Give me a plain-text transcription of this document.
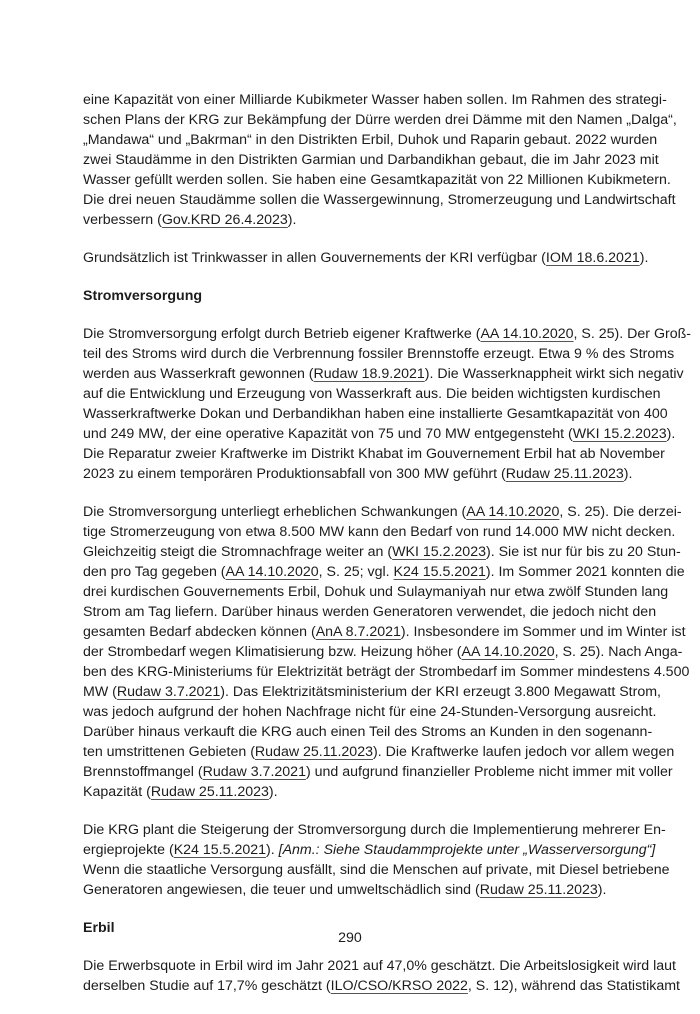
eine Kapazität von einer Milliarde Kubikmeter Wasser haben sollen. Im Rahmen des strategi-
schen Plans der KRG zur Bekämpfung der Dürre werden drei Dämme mit den Namen „Dalga“,
„Mandawa“ und „Bakrman“ in den Distrikten Erbil, Duhok und Raparin gebaut. 2022 wurden
zwei Staudämme in den Distrikten Garmian und Darbandikhan gebaut, die im Jahr 2023 mit
Wasser gefüllt werden sollen. Sie haben eine Gesamtkapazität von 22 Millionen Kubikmetern.
Die drei neuen Staudämme sollen die Wassergewinnung, Stromerzeugung und Landwirtschaft
verbessern (Gov.KRD 26.4.2023).
Grundsätzlich ist Trinkwasser in allen Gouvernements der KRI verfügbar (IOM 18.6.2021).
Stromversorgung
Die Stromversorgung erfolgt durch Betrieb eigener Kraftwerke (AA 14.10.2020, S. 25). Der Groß-
teil des Stroms wird durch die Verbrennung fossiler Brennstoffe erzeugt. Etwa 9 % des Stroms
werden aus Wasserkraft gewonnen (Rudaw 18.9.2021). Die Wasserknappheit wirkt sich negativ
auf die Entwicklung und Erzeugung von Wasserkraft aus. Die beiden wichtigsten kurdischen
Wasserkraftwerke Dokan und Derbandikhan haben eine installierte Gesamtkapazität von 400
und 249 MW, der eine operative Kapazität von 75 und 70 MW entgegensteht (WKI 15.2.2023).
Die Reparatur zweier Kraftwerke im Distrikt Khabat im Gouvernement Erbil hat ab November
2023 zu einem temporären Produktionsabfall von 300 MW geführt (Rudaw 25.11.2023).
Die Stromversorgung unterliegt erheblichen Schwankungen (AA 14.10.2020, S. 25). Die derzei-
tige Stromerzeugung von etwa 8.500 MW kann den Bedarf von rund 14.000 MW nicht decken.
Gleichzeitig steigt die Stromnachfrage weiter an (WKI 15.2.2023). Sie ist nur für bis zu 20 Stun-
den pro Tag gegeben (AA 14.10.2020, S. 25; vgl. K24 15.5.2021). Im Sommer 2021 konnten die
drei kurdischen Gouvernements Erbil, Dohuk und Sulaymaniyah nur etwa zwölf Stunden lang
Strom am Tag liefern. Darüber hinaus werden Generatoren verwendet, die jedoch nicht den
gesamten Bedarf abdecken können (AnA 8.7.2021). Insbesondere im Sommer und im Winter ist
der Strombedarf wegen Klimatisierung bzw. Heizung höher (AA 14.10.2020, S. 25). Nach Anga-
ben des KRG-Ministeriums für Elektrizität beträgt der Strombedarf im Sommer mindestens 4.500
MW (Rudaw 3.7.2021). Das Elektrizitätsministerium der KRI erzeugt 3.800 Megawatt Strom,
was jedoch aufgrund der hohen Nachfrage nicht für eine 24-Stunden-Versorgung ausreicht.
Darüber hinaus verkauft die KRG auch einen Teil des Stroms an Kunden in den sogenann-
ten umstrittenen Gebieten (Rudaw 25.11.2023). Die Kraftwerke laufen jedoch vor allem wegen
Brennstoffmangel (Rudaw 3.7.2021) und aufgrund finanzieller Probleme nicht immer mit voller
Kapazität (Rudaw 25.11.2023).
Die KRG plant die Steigerung der Stromversorgung durch die Implementierung mehrerer En-
ergieprojekte (K24 15.5.2021). [Anm.: Siehe Staudammprojekte unter „Wasserversorgung“]
Wenn die staatliche Versorgung ausfällt, sind die Menschen auf private, mit Diesel betriebene
Generatoren angewiesen, die teuer und umweltschädlich sind (Rudaw 25.11.2023).
Erbil
Die Erwerbsquote in Erbil wird im Jahr 2021 auf 47,0% geschätzt. Die Arbeitslosigkeit wird laut
derselben Studie auf 17,7% geschätzt (ILO/CSO/KRSO 2022, S. 12), während das Statistikamt
290
